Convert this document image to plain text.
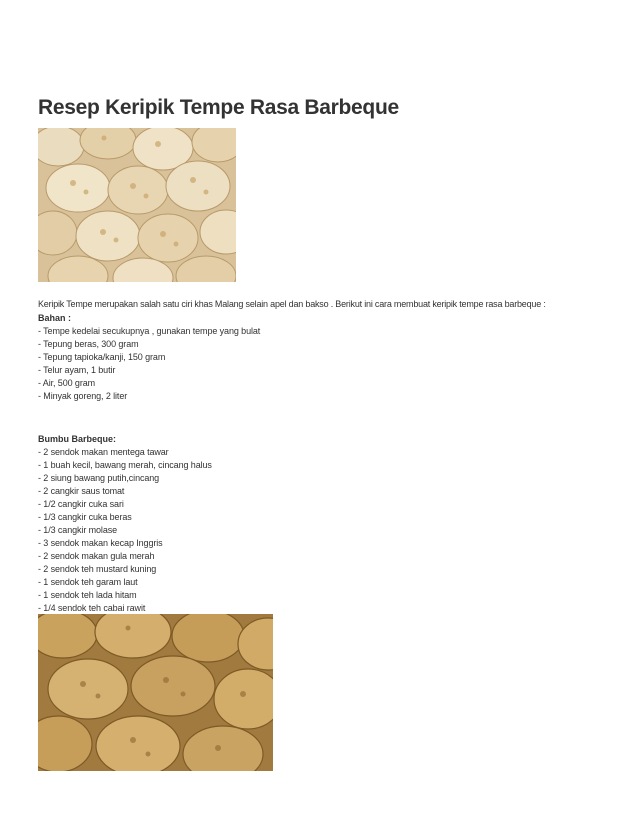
Resep Keripik Tempe Rasa Barbeque
Keripik Tempe merupakan salah satu ciri khas Malang selain apel dan bakso . Berikut ini cara membuat keripik tempe rasa barbeque :
Bahan :
- Tempe kedelai secukupnya , gunakan tempe yang bulat
- Tepung beras, 300 gram
- Tepung tapioka/kanji, 150 gram
- Telur ayam, 1 butir
- Air, 500 gram
- Minyak goreng, 2 liter
Bumbu Barbeque:
- 2 sendok makan mentega tawar
- 1 buah kecil, bawang merah, cincang halus
- 2 siung bawang putih,cincang
- 2 cangkir saus tomat
- 1/2 cangkir cuka sari
- 1/3 cangkir cuka beras
- 1/3 cangkir molase
- 3 sendok makan kecap Inggris
- 2 sendok makan gula merah
- 2 sendok teh mustard kuning
- 1 sendok teh garam laut
- 1 sendok teh lada hitam
- 1/4 sendok teh cabai rawit
